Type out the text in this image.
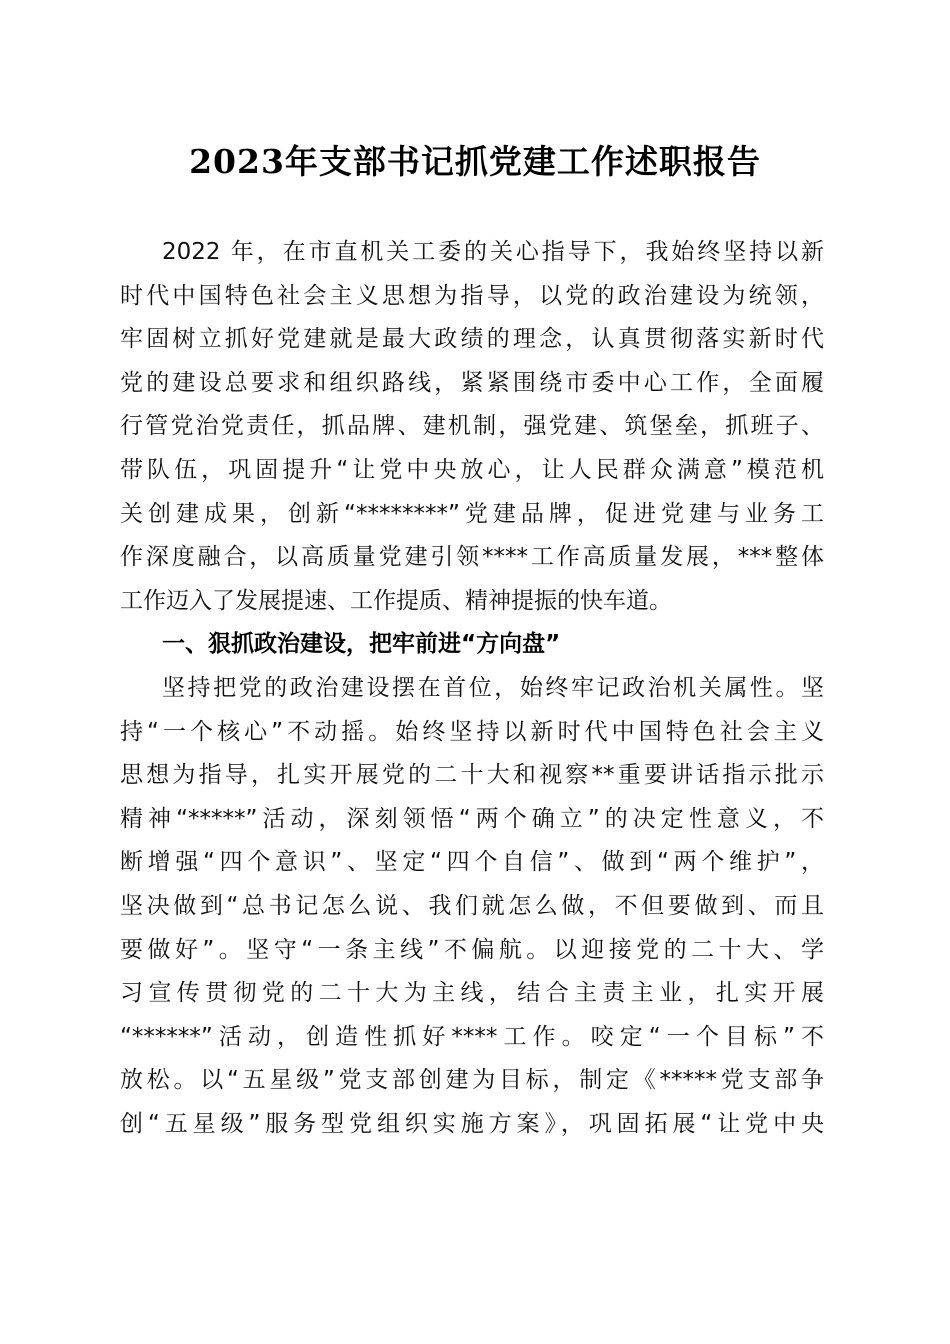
2023年支部书记抓党建工作述职报告
2022 年，在市直机关工委的关心指导下，我始终坚持以新
时代中国特色社会主义思想为指导，以党的政治建设为统领，
牢固树立抓好党建就是最大政绩的理念，认真贯彻落实新时代
党的建设总要求和组织路线，紧紧围绕市委中心工作，全面履
行管党治党责任，抓品牌、建机制，强党建、筑堡垒，抓班子、
带队伍，巩固提升“让党中央放心，让人民群众满意”模范机
关创建成果，创新“********”党建品牌，促进党建与业务工
作深度融合，以高质量党建引领****工作高质量发展，***整体
工作迈入了发展提速、工作提质、精神提振的快车道。
一、狠抓政治建设，把牢前进“方向盘”
坚持把党的政治建设摆在首位，始终牢记政治机关属性。坚
持“一个核心”不动摇。始终坚持以新时代中国特色社会主义
思想为指导，扎实开展党的二十大和视察**重要讲话指示批示
精神“*****”活动，深刻领悟“两个确立”的决定性意义，不
断增强“四个意识”、坚定“四个自信”、做到“两个维护”，
坚决做到“总书记怎么说、我们就怎么做，不但要做到、而且
要做好”。坚守“一条主线”不偏航。以迎接党的二十大、学
习宣传贯彻党的二十大为主线，结合主责主业，扎实开展
“******”活动，创造性抓好****工作。咬定“一个目标”不
放松。以“五星级”党支部创建为目标，制定《*****党支部争
创“五星级”服务型党组织实施方案》，巩固拓展“让党中央
